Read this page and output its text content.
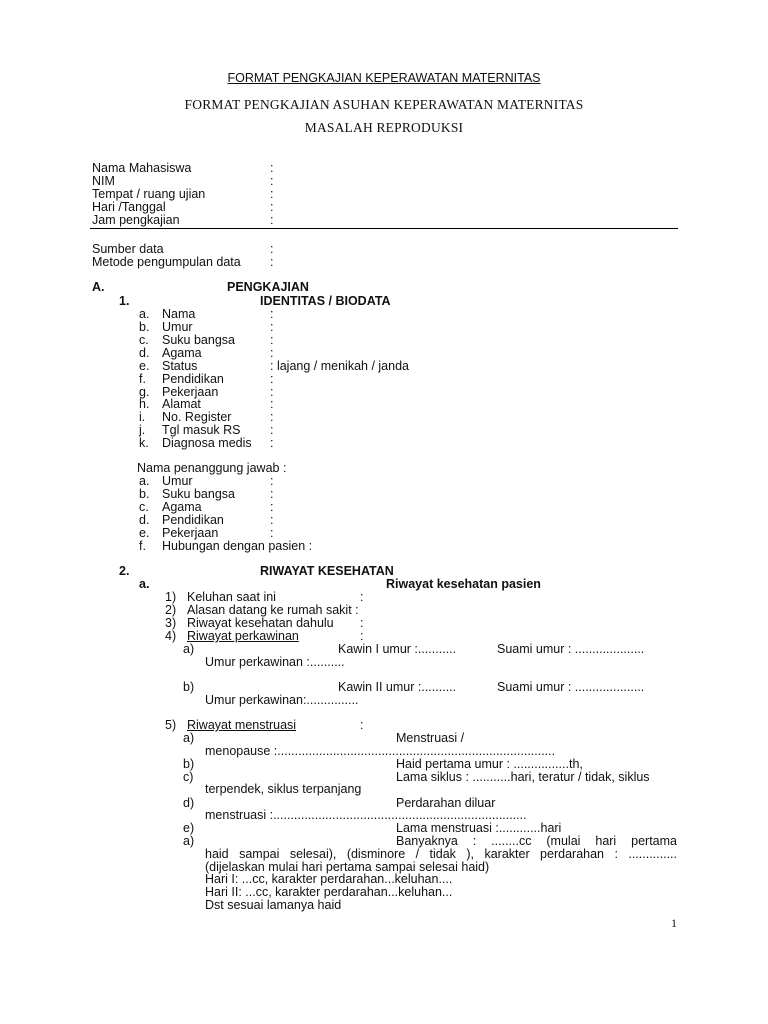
FORMAT PENGKAJIAN KEPERAWATAN MATERNITAS
FORMAT PENGKAJIAN ASUHAN KEPERAWATAN MATERNITAS
MASALAH REPRODUKSI
Nama Mahasiswa	:
NIM	:
Tempat / ruang ujian	:
Hari /Tanggal	:
Jam pengkajian	:
Sumber data	:
Metode pengumpulan data :
A.	PENGKAJIAN
1.	IDENTITAS / BIODATA
a. Nama	:
b. Umur	:
c. Suku bangsa	:
d. Agama	:
e. Status	: lajang / menikah / janda
f. Pendidikan	:
g. Pekerjaan	:
h. Alamat	:
i. No. Register	:
j. Tgl masuk RS :
k. Diagnosa medis :
Nama penanggung jawab :
a. Umur	:
b. Suku bangsa	:
c. Agama	:
d. Pendidikan	:
e. Pekerjaan	:
f. Hubungan dengan pasien :
2.	RIWAYAT KESEHATAN
a.	Riwayat kesehatan pasien
1) Keluhan saat ini	:
2) Alasan datang ke rumah sakit :
3) Riwayat kesehatan dahulu :
4) Riwayat perkawinan	:
a)	Kawin I umur :...........	Suami umur : ....................
Umur perkawinan :..........
b)	Kawin II umur :..........	Suami umur : ....................
Umur perkawinan:...............
5) Riwayat menstruasi	:
a)	Menstruasi /
menopause :................................................................................
b)	Haid pertama umur : ................th,
c)	Lama siklus : ...........hari, teratur / tidak, siklus
terpendek, siklus terpanjang
d)	Perdarahan diluar
menstruasi :.........................................................................
e)	Lama menstruasi :............hari
a)	Banyaknya : ........cc (mulai hari pertama
haid sampai selesai), (disminore / tidak ), karakter perdarahan : ..............
(dijelaskan mulai hari pertama sampai selesai haid)
Hari I: ...cc, karakter perdarahan...keluhan....
Hari II: ...cc, karakter perdarahan...keluhan...
Dst sesuai lamanya haid
1
